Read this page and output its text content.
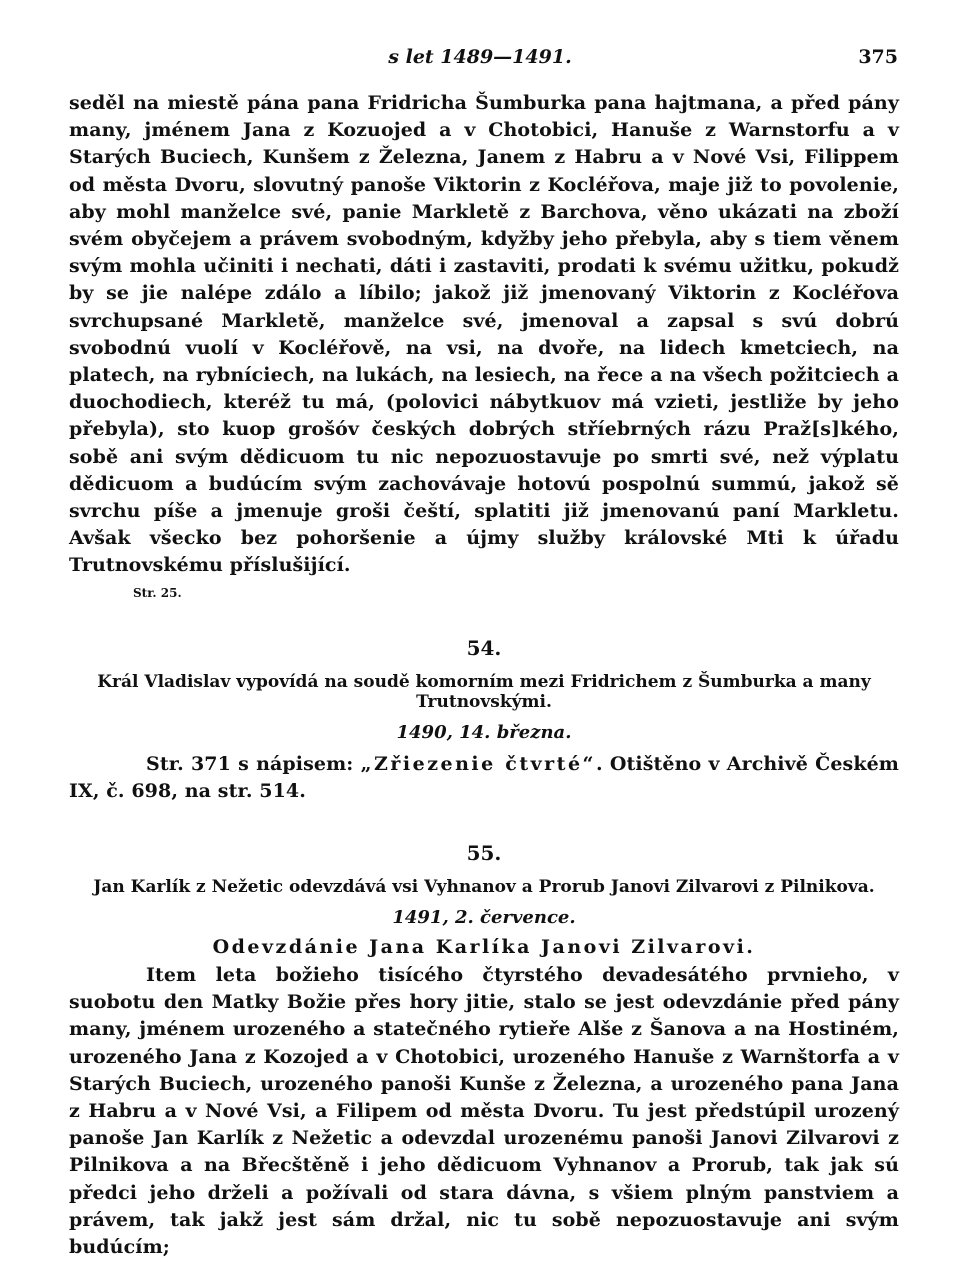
s let 1489—1491.	375

seděl na miestě pána pana Fridricha Šumburka pana hajtmana, a před pány many, jménem Jana z Kozuojed a v Chotobici, Hanuše z Warnstorfu a v Starých Buciech, Kunšem z Železna, Janem z Habru a v Nové Vsi, Filippem od města Dvoru, slovutný panoše Viktorin z Kocléřova, maje již to povolenie, aby mohl manželce své, panie Markletě z Barchova, věno ukázati na zboží svém obyčejem a právem svobodným, kdyžby jeho přebyla, aby s tiem věnem svým mohla učiniti i nechati, dáti i zastaviti, prodati k svému užitku, pokudž by se jie nalépe zdálo a líbilo; jakož již jmenovaný Viktorin z Kocléřova svrchupsané Markletě, manželce své, jmenoval a zapsal s svú dobrú svobodnú vuolí v Kocléřově, na vsi, na dvoře, na lidech kmetciech, na platech, na rybníciech, na lukách, na lesiech, na řece a na všech požitciech a duochodiech, kteréž tu má, (polovici nábytkuov má vzieti, jestliže by jeho přebyla), sto kuop grošóv českých dobrých stříebrných rázu Praž[s]kého, sobě ani svým dědicuom tu nic nepozuostavuje po smrti své, než výplatu dědicuom a budúcím svým zachovávaje hotovú pospolnú summú, jakož sě svrchu píše a jmenuje groši čeští, splatiti již jmenovanú paní Markletu. Avšak všecko bez pohoršenie a újmy služby královské Mti k úřadu Trutnovskému příslušijící.

Str. 25.
54.
Král Vladislav vypovídá na soudě komorním mezi Fridrichem z Šumburka a many Trutnovskými.
1490, 14. března.

Str. 371 s nápisem: „Zřiezenie čtvrté“. Otištěno v Archivě Českém IX, č. 698, na str. 514.

55.
Jan Karlík z Nežetic odevzdává vsi Vyhnanov a Prorub Janovi Zilvarovi z Pilnikova.
1491, 2. července.
Odevzdánie Jana Karlíka Janovi Zilvarovi.

Item leta božieho tisícého čtyrstého devadesátého prvnieho, v suobotu den Matky Božie přes hory jitie, stalo se jest odevzdánie před pány many, jménem urozeného a statečného rytieře Alše z Šanova a na Hostiném, urozeného Jana z Kozojed a v Chotobici, urozeného Hanuše z Warnštorfa a v Starých Buciech, urozeného panoši Kunše z Železna, a urozeného pana Jana z Habru a v Nové Vsi, a Filipem od města Dvoru. Tu jest předstúpil urozený panoše Jan Karlík z Nežetic a odevzdal urozenému panoši Janovi Zilvarovi z Pilnikova a na Břecštěně i jeho dědicuom Vyhnanov a Prorub, tak jak sú předci jeho drželi a požívali od stara dávna, s všiem plným panstviem a právem, tak jakž jest sám držal, nic tu sobě nepozuostavuje ani svým budúcím;
